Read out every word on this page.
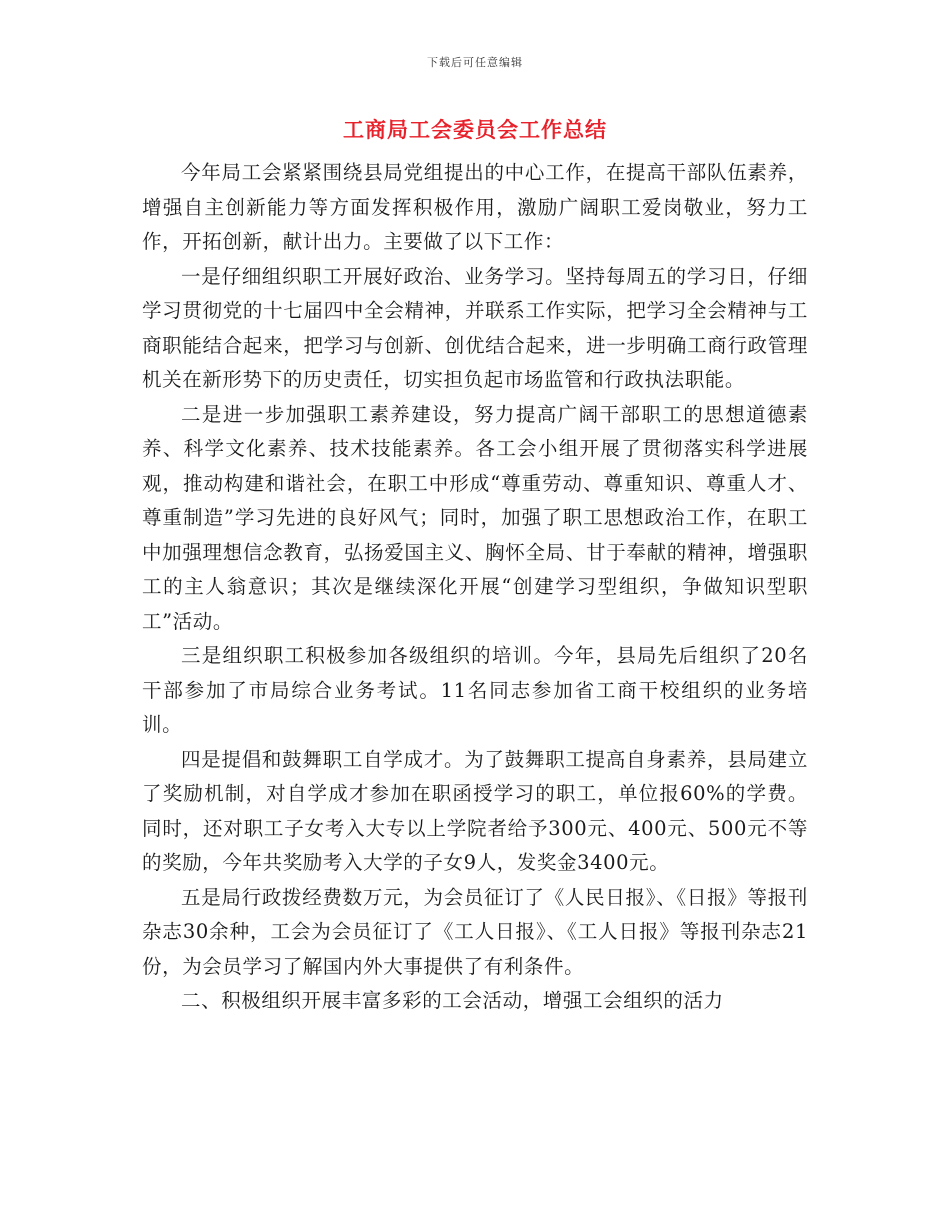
下载后可任意编辑
工商局工会委员会工作总结

今年局工会紧紧围绕县局党组提出的中心工作，在提高干部队伍素养，增强自主创新能力等方面发挥积极作用，激励广阔职工爱岗敬业，努力工作，开拓创新，献计出力。主要做了以下工作：

一是仔细组织职工开展好政治、业务学习。坚持每周五的学习日，仔细学习贯彻党的十七届四中全会精神，并联系工作实际，把学习全会精神与工商职能结合起来，把学习与创新、创优结合起来，进一步明确工商行政管理机关在新形势下的历史责任，切实担负起市场监管和行政执法职能。

二是进一步加强职工素养建设，努力提高广阔干部职工的思想道德素养、科学文化素养、技术技能素养。各工会小组开展了贯彻落实科学进展观，推动构建和谐社会，在职工中形成“尊重劳动、尊重知识、尊重人才、尊重制造”学习先进的良好风气；同时，加强了职工思想政治工作，在职工中加强理想信念教育，弘扬爱国主义、胸怀全局、甘于奉献的精神，增强职工的主人翁意识；其次是继续深化开展“创建学习型组织，争做知识型职工”活动。

三是组织职工积极参加各级组织的培训。今年，县局先后组织了20名干部参加了市局综合业务考试。11名同志参加省工商干校组织的业务培训。

四是提倡和鼓舞职工自学成才。为了鼓舞职工提高自身素养，县局建立了奖励机制，对自学成才参加在职函授学习的职工，单位报60%的学费。同时，还对职工子女考入大专以上学院者给予300元、400元、500元不等的奖励，今年共奖励考入大学的子女9人，发奖金3400元。

五是局行政拨经费数万元，为会员征订了《人民日报》、《日报》等报刊杂志30余种，工会为会员征订了《工人日报》、《工人日报》等报刊杂志21份，为会员学习了解国内外大事提供了有利条件。

二、积极组织开展丰富多彩的工会活动，增强工会组织的活力
